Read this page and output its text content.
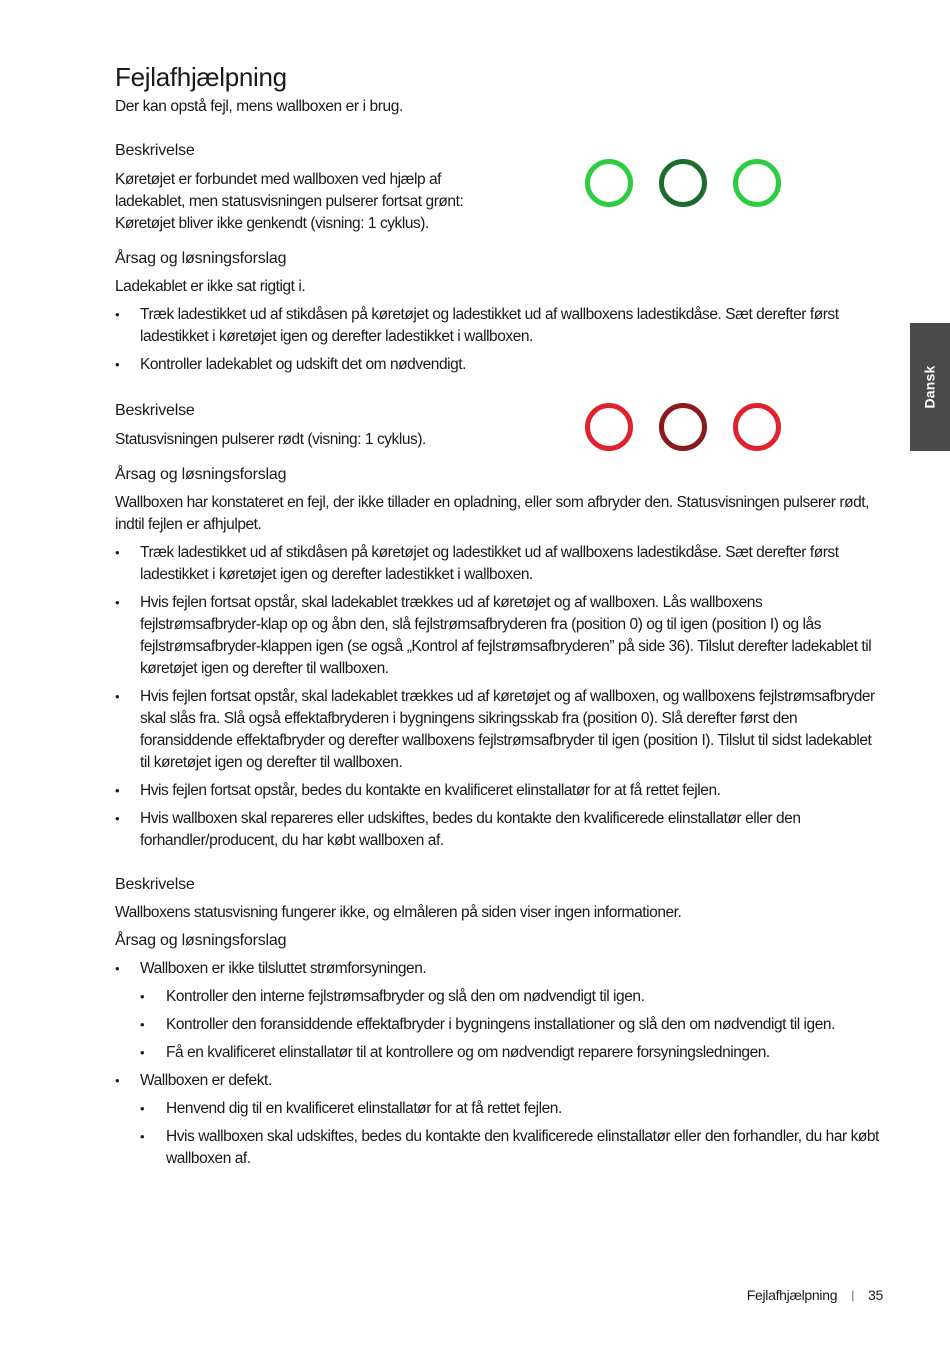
Fejlafhjælpning

Der kan opstå fejl, mens wallboxen er i brug.

Beskrivelse

Køretøjet er forbundet med wallboxen ved hjælp af

ladekablet, men statusvisningen pulserer fortsat grønt:

Køretøjet bliver ikke genkendt (visning: 1 cyklus).

Årsag og løsningsforslag

Ladekablet er ikke sat rigtigt i.

• Træk ladestikket ud af stikdåsen på køretøjet og ladestikket ud af wallboxens ladestikdåse. Sæt derefter først ladestikket i køretøjet igen og derefter ladestikket i wallboxen.
• Kontroller ladekablet og udskift det om nødvendigt.

Beskrivelse

Statusvisningen pulserer rødt (visning: 1 cyklus).

Årsag og løsningsforslag

Wallboxen har konstateret en fejl, der ikke tillader en opladning, eller som afbryder den. Statusvisningen pulserer rødt, indtil fejlen er afhjulpet.

• Træk ladestikket ud af stikdåsen på køretøjet og ladestikket ud af wallboxens ladestikdåse. Sæt derefter først ladestikket i køretøjet igen og derefter ladestikket i wallboxen.
• Hvis fejlen fortsat opstår, skal ladekablet trækkes ud af køretøjet og af wallboxen. Lås wallboxens fejlstrømsafbryder-klap op og åbn den, slå fejlstrømsafbryderen fra (position 0) og til igen (position I) og lås fejlstrømsafbryder-klappen igen (se også „Kontrol af fejlstrømsafbryderen” på side 36). Tilslut derefter ladekablet til køretøjet igen og derefter til wallboxen.
• Hvis fejlen fortsat opstår, skal ladekablet trækkes ud af køretøjet og af wallboxen, og wallboxens fejlstrømsafbryder skal slås fra. Slå også effektafbryderen i bygningens sikringsskab fra (position 0). Slå derefter først den foransiddende effektafbryder og derefter wallboxens fejlstrømsafbryder til igen (position I). Tilslut til sidst ladekablet til køretøjet igen og derefter til wallboxen.
• Hvis fejlen fortsat opstår, bedes du kontakte en kvalificeret elinstallatør for at få rettet fejlen.
• Hvis wallboxen skal repareres eller udskiftes, bedes du kontakte den kvalificerede elinstallatør eller den forhandler/producent, du har købt wallboxen af.

Beskrivelse

Wallboxens statusvisning fungerer ikke, og elmåleren på siden viser ingen informationer.

Årsag og løsningsforslag

• Wallboxen er ikke tilsluttet strømforsyningen.
• Kontroller den interne fejlstrømsafbryder og slå den om nødvendigt til igen.
• Kontroller den foransiddende effektafbryder i bygningens installationer og slå den om nødvendigt til igen.
• Få en kvalificeret elinstallatør til at kontrollere og om nødvendigt reparere forsyningsledningen.
• Wallboxen er defekt.
• Henvend dig til en kvalificeret elinstallatør for at få rettet fejlen.
• Hvis wallboxen skal udskiftes, bedes du kontakte den kvalificerede elinstallatør eller den forhandler, du har købt wallboxen af.
Dansk
Fejlafhjælpning | 35
